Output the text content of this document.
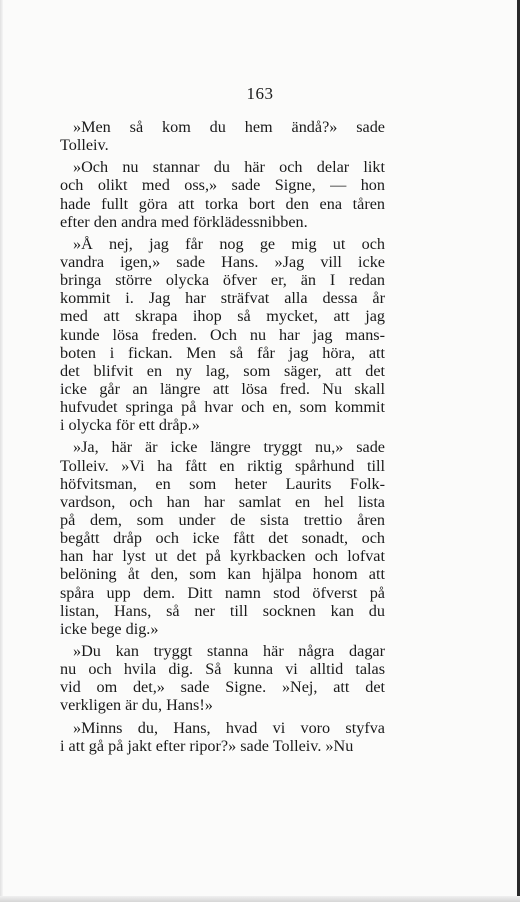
163
»Men så kom du hem ändå?» sade
Tolleiv.
»Och nu stannar du här och delar likt
och olikt med oss,» sade Signe, — hon
hade fullt göra att torka bort den ena tåren
efter den andra med förklädessnibben.
»Å nej, jag får nog ge mig ut och
vandra igen,» sade Hans. »Jag vill icke
bringa större olycka öfver er, än I redan
kommit i. Jag har sträfvat alla dessa år
med att skrapa ihop så mycket, att jag
kunde lösa freden. Och nu har jag mans-
boten i fickan. Men så får jag höra, att
det blifvit en ny lag, som säger, att det
icke går an längre att lösa fred. Nu skall
hufvudet springa på hvar och en, som kommit
i olycka för ett dråp.»
»Ja, här är icke längre tryggt nu,» sade
Tolleiv. »Vi ha fått en riktig spårhund till
höfvitsman, en som heter Laurits Folk-
vardson, och han har samlat en hel lista
på dem, som under de sista trettio åren
begått dråp och icke fått det sonadt, och
han har lyst ut det på kyrkbacken och lofvat
belöning åt den, som kan hjälpa honom att
spåra upp dem. Ditt namn stod öfverst på
listan, Hans, så ner till socknen kan du
icke bege dig.»
»Du kan tryggt stanna här några dagar
nu och hvila dig. Så kunna vi alltid talas
vid om det,» sade Signe. »Nej, att det
verkligen är du, Hans!»
»Minns du, Hans, hvad vi voro styfva
i att gå på jakt efter ripor?» sade Tolleiv. »Nu
